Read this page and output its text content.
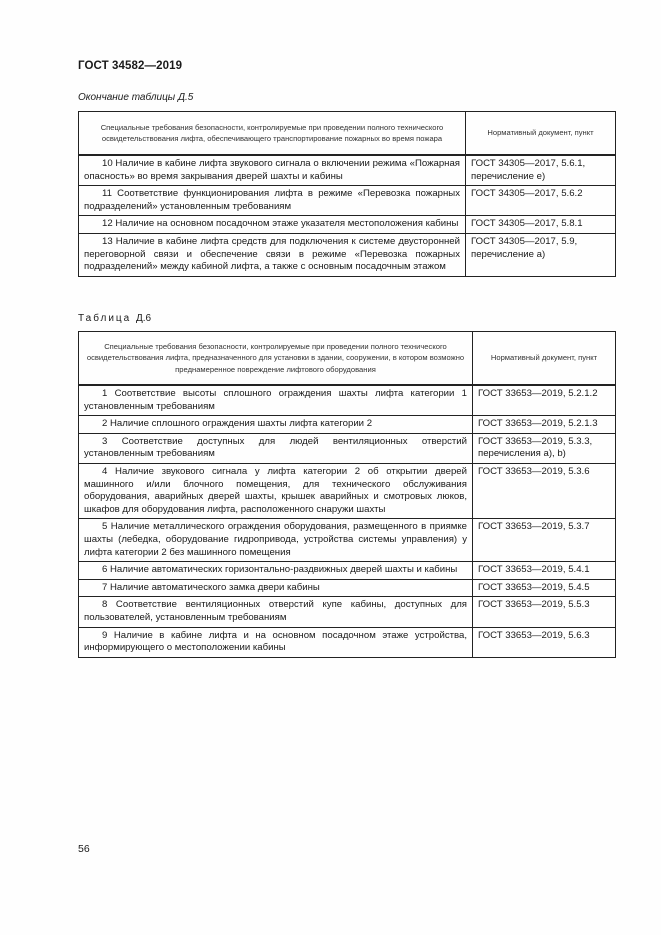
ГОСТ 34582—2019
Окончание таблицы Д.5
Специальные требования безопасности, контролируемые при проведении полного технического освидетельствования лифта, обеспечивающего транспортирование пожарных во время пожара	Нормативный документ, пункт
10 Наличие в кабине лифта звукового сигнала о включении режима «Пожарная опасность» во время закрывания дверей шахты и кабины	ГОСТ 34305—2017, 5.6.1, перечисление е)
11 Соответствие функционирования лифта в режиме «Перевозка пожарных подразделений» установленным требованиям	ГОСТ 34305—2017, 5.6.2
12 Наличие на основном посадочном этаже указателя местоположения кабины	ГОСТ 34305—2017, 5.8.1
13 Наличие в кабине лифта средств для подключения к системе двусторонней переговорной связи и обеспечение связи в режиме «Перевозка пожарных подразделений» между кабиной лифта, а также с основным посадочным этажом	ГОСТ 34305—2017, 5.9, перечисление а)
Таблица Д.6
Специальные требования безопасности, контролируемые при проведении полного технического освидетельствования лифта, предназначенного для установки в здании, сооружении, в котором возможно преднамеренное повреждение лифтового оборудования	Нормативный документ, пункт
1 Соответствие высоты сплошного ограждения шахты лифта категории 1 установленным требованиям	ГОСТ 33653—2019, 5.2.1.2
2 Наличие сплошного ограждения шахты лифта категории 2	ГОСТ 33653—2019, 5.2.1.3
3 Соответствие доступных для людей вентиляционных отверстий установленным требованиям	ГОСТ 33653—2019, 5.3.3, перечисления а), b)
4 Наличие звукового сигнала у лифта категории 2 об открытии дверей машинного и/или блочного помещения, для технического обслуживания оборудования, аварийных дверей шахты, крышек аварийных и смотровых люков, шкафов для оборудования лифта, расположенного снаружи шахты	ГОСТ 33653—2019, 5.3.6
5 Наличие металлического ограждения оборудования, размещенного в приямке шахты (лебедка, оборудование гидропривода, устройства системы управления) у лифта категории 2 без машинного помещения	ГОСТ 33653—2019, 5.3.7
6 Наличие автоматических горизонтально-раздвижных дверей шахты и кабины	ГОСТ 33653—2019, 5.4.1
7 Наличие автоматического замка двери кабины	ГОСТ 33653—2019, 5.4.5
8 Соответствие вентиляционных отверстий купе кабины, доступных для пользователей, установленным требованиям	ГОСТ 33653—2019, 5.5.3
9 Наличие в кабине лифта и на основном посадочном этаже устройства, информирующего о местоположении кабины	ГОСТ 33653—2019, 5.6.3
56
